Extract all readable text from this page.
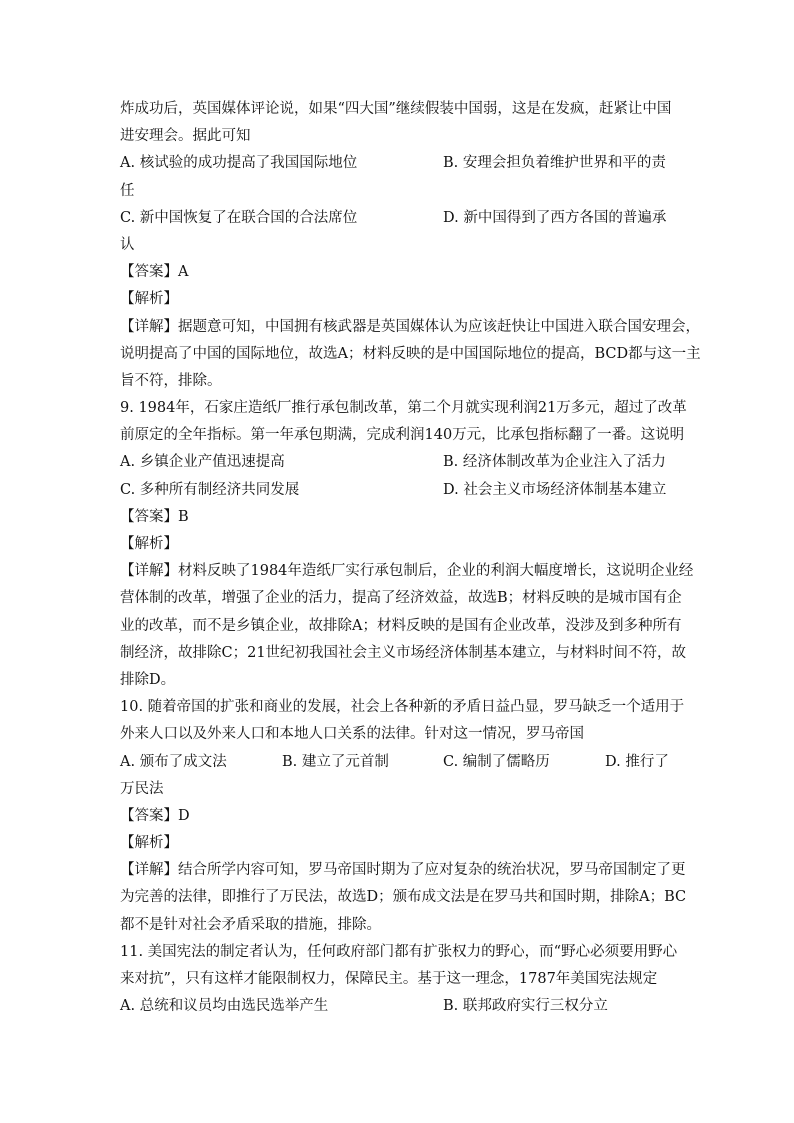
炸成功后，英国媒体评论说，如果“四大国”继续假装中国弱，这是在发疯，赶紧让中国
进安理会。据此可知
A. 核试验的成功提高了我国国际地位	B. 安理会担负着维护世界和平的责
任
C. 新中国恢复了在联合国的合法席位	D. 新中国得到了西方各国的普遍承
认
【答案】A
【解析】
【详解】据题意可知，中国拥有核武器是英国媒体认为应该赶快让中国进入联合国安理会，
说明提高了中国的国际地位，故选A；材料反映的是中国国际地位的提高，BCD都与这一主
旨不符，排除。
9. 1984年，石家庄造纸厂推行承包制改革，第二个月就实现利润21万多元，超过了改革
前原定的全年指标。第一年承包期满，完成利润140万元，比承包指标翻了一番。这说明
A. 乡镇企业产值迅速提高	B. 经济体制改革为企业注入了活力
C. 多种所有制经济共同发展	D. 社会主义市场经济体制基本建立
【答案】B
【解析】
【详解】材料反映了1984年造纸厂实行承包制后，企业的利润大幅度增长，这说明企业经
营体制的改革，增强了企业的活力，提高了经济效益，故选B；材料反映的是城市国有企
业的改革，而不是乡镇企业，故排除A；材料反映的是国有企业改革，没涉及到多种所有
制经济，故排除C；21世纪初我国社会主义市场经济体制基本建立，与材料时间不符，故
排除D。
10. 随着帝国的扩张和商业的发展，社会上各种新的矛盾日益凸显，罗马缺乏一个适用于
外来人口以及外来人口和本地人口关系的法律。针对这一情况，罗马帝国
A. 颁布了成文法	B. 建立了元首制	C. 编制了儒略历	D. 推行了
万民法
【答案】D
【解析】
【详解】结合所学内容可知，罗马帝国时期为了应对复杂的统治状况，罗马帝国制定了更
为完善的法律，即推行了万民法，故选D；颁布成文法是在罗马共和国时期，排除A；BC
都不是针对社会矛盾采取的措施，排除。
11. 美国宪法的制定者认为，任何政府部门都有扩张权力的野心，而“野心必须要用野心
来对抗”，只有这样才能限制权力，保障民主。基于这一理念，1787年美国宪法规定
A. 总统和议员均由选民选举产生	B. 联邦政府实行三权分立
